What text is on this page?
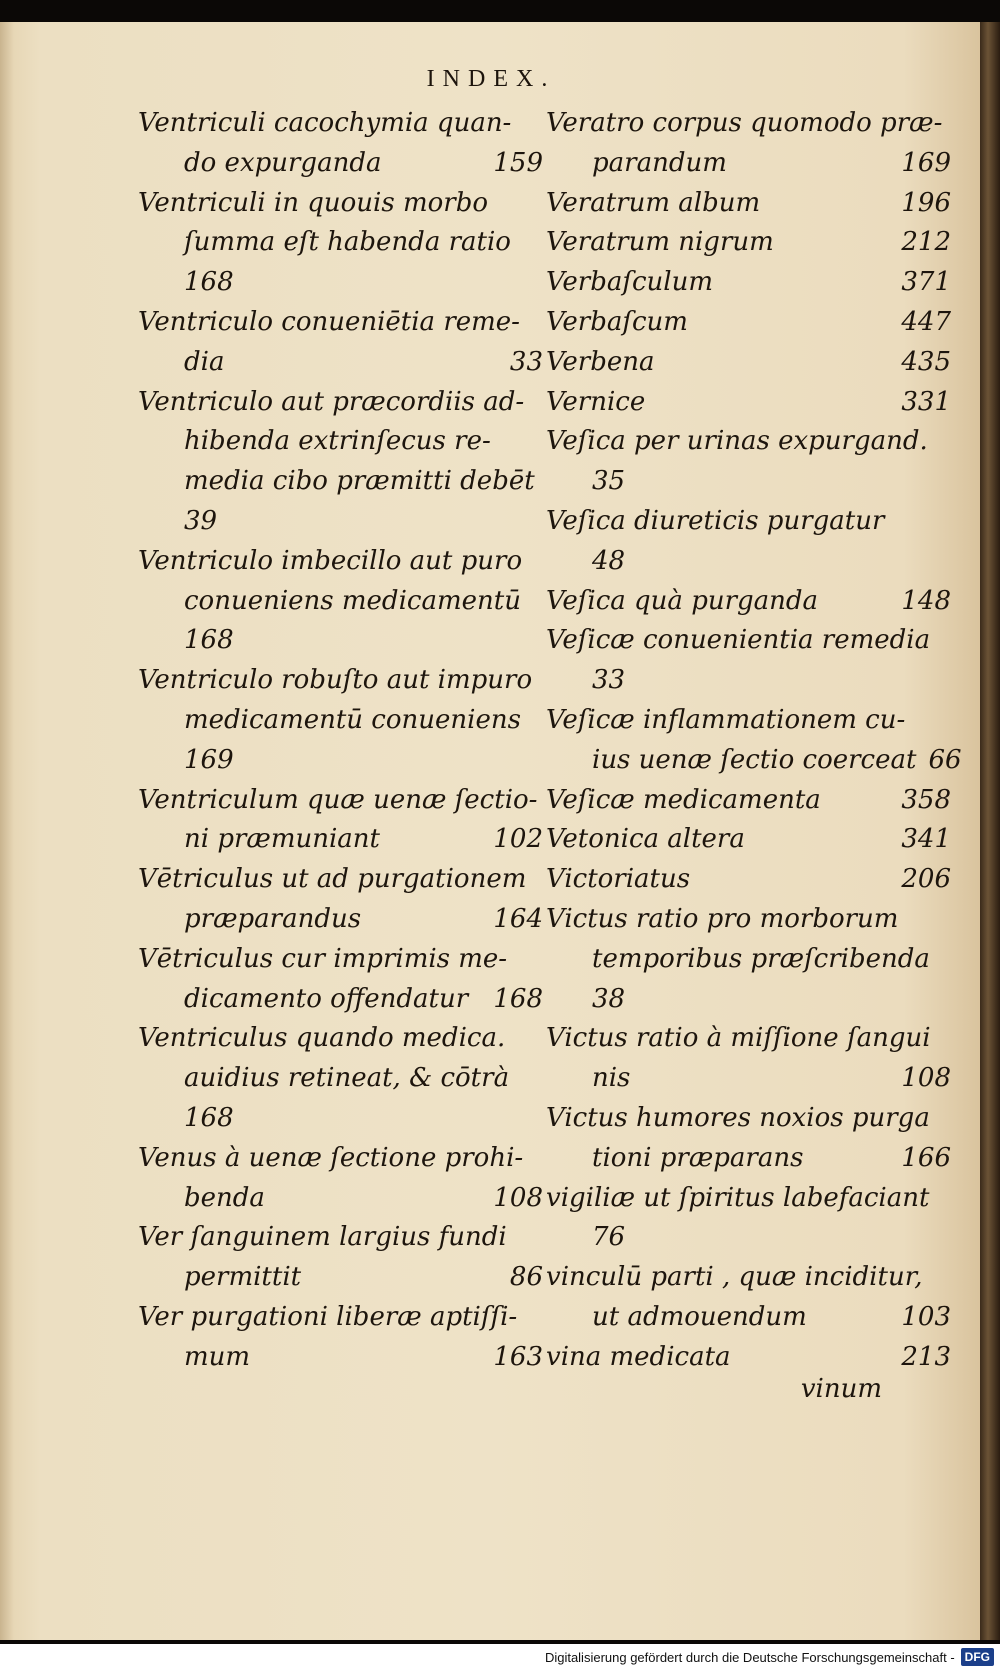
INDEX.
Ventriculi cacochymia quan-
do expurganda	159
Ventriculi in quouis morbo
ſumma eſt habenda ratio
168
Ventriculo conueniētia reme-
dia	33
Ventriculo aut præcordiis ad-
hibenda extrinſecus re-
media cibo præmitti debēt
39
Ventriculo imbecillo aut puro
conueniens medicamentū
168
Ventriculo robuſto aut impuro
medicamentū conueniens
169
Ventriculum quæ uenæ ſectio-
ni præmuniant	102
Vētriculus ut ad purgationem
præparandus	164
Vētriculus cur imprimis me-
dicamento offendatur 168
Ventriculus quando medica.
auidius retineat, & cōtrà
168
Venus à uenæ ſectione prohi-
benda	108
Ver ſanguinem largius fundi
permittit	86
Ver purgationi liberæ aptiſſi-
mum	163
Veratro corpus quomodo præ-
parandum	169
Veratrum album	196
Veratrum nigrum	212
Verbaſculum	371
Verbaſcum	447
Verbena	435
Vernice	331
Veſica per urinas expurgand.
35
Veſica diureticis purgatur
48
Veſica quà purganda	148
Veſicæ conuenientia remedia
33
Veſicæ inflammationem cu-
ius uenæ ſectio coerceat 66
Veſicæ medicamenta	358
Vetonica altera	341
Victoriatus	206
Victus ratio pro morborum
temporibus præſcribenda
38
Victus ratio à miſſione ſangui
nis	108
Victus humores noxios purga
tioni præparans	166
vigiliæ ut ſpiritus labefaciant
76
vinculū parti , quæ inciditur,
ut admouendum	103
vina medicata	213
vinum
Digitalisierung gefördert durch die Deutsche Forschungsgemeinschaft - DFG
